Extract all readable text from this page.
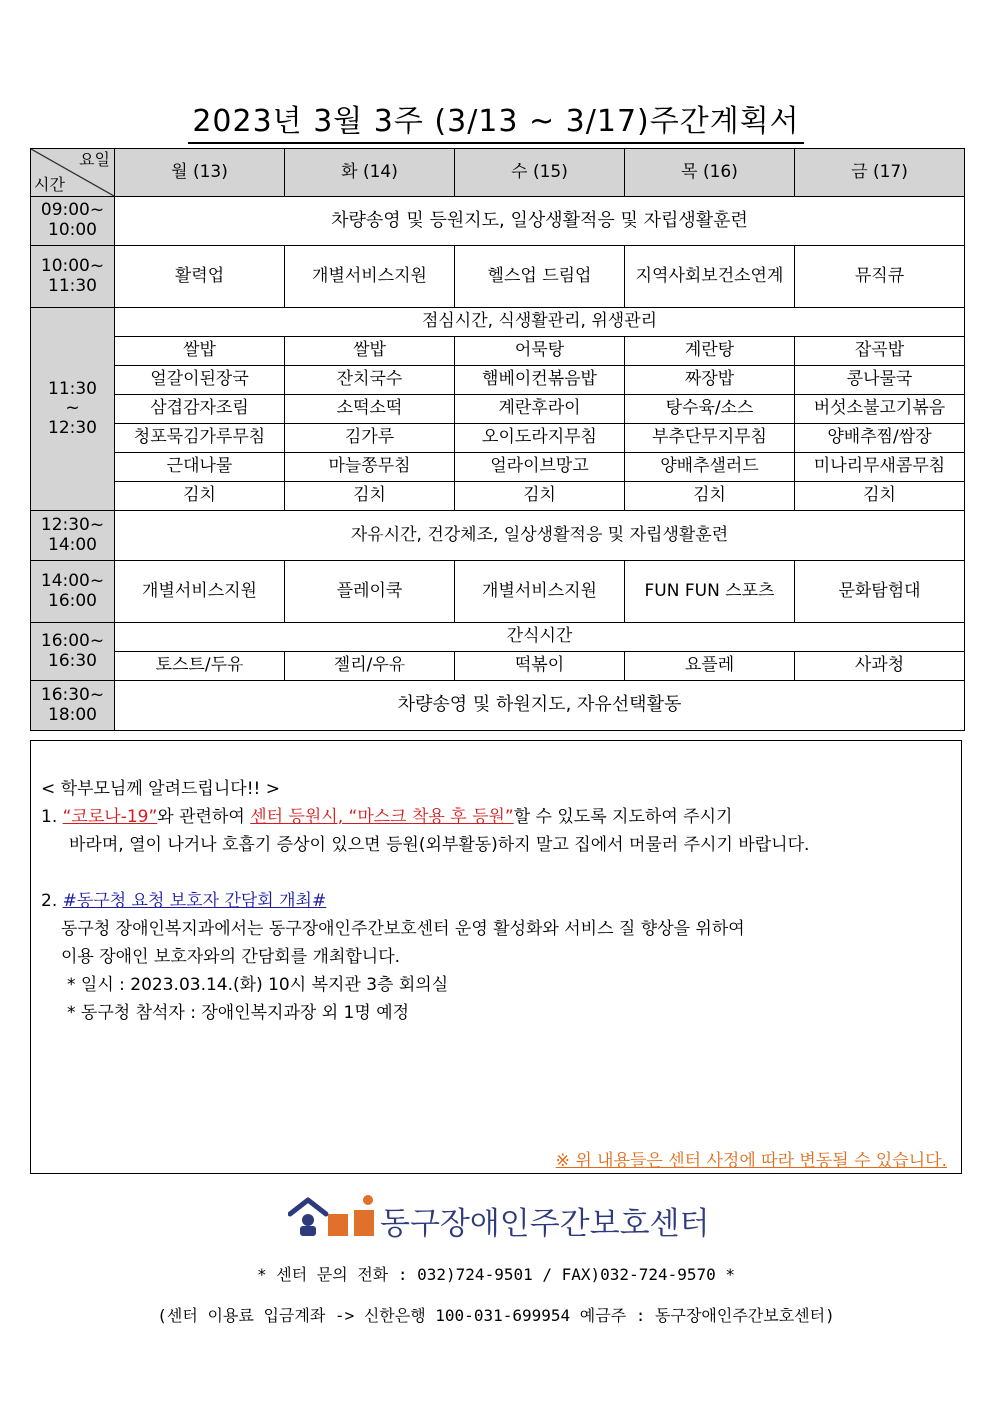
2023년 3월 3주 (3/13 ~ 3/17)주간계획서
요일
시간	월 (13)	화 (14)	수 (15)	목 (16)	금 (17)
09:00~
10:00	차량송영 및 등원지도, 일상생활적응 및 자립생활훈련				
10:00~
11:30	활력업	개별서비스지원	헬스업 드림업	지역사회보건소연계	뮤직큐
11:30
~
12:30	점심시간, 식생활관리, 위생관리				
	쌀밥	쌀밥	어묵탕	계란탕	잡곡밥
	얼갈이된장국	잔치국수	햄베이컨볶음밥	짜장밥	콩나물국
	삼겹감자조림	소떡소떡	계란후라이	탕수육/소스	버섯소불고기볶음
	청포묵김가루무침	김가루	오이도라지무침	부추단무지무침	양배추찜/쌈장
	근대나물	마늘쫑무침	얼라이브망고	양배추샐러드	미나리무새콤무침
	김치	김치	김치	김치	김치
12:30~
14:00	자유시간, 건강체조, 일상생활적응 및 자립생활훈련				
14:00~
16:00	개별서비스지원	플레이쿡	개별서비스지원	FUN FUN 스포츠	문화탐험대
16:00~
16:30	간식시간				
	토스트/두유	젤리/우유	떡볶이	요플레	사과청
16:30~
18:00	차량송영 및 하원지도, 자유선택활동				

< 학부모님께 알려드립니다!! >

1. “코로나-19”와 관련하여 센터 등원시, “마스크 착용 후 등원”할 수 있도록 지도하여 주시기

바라며, 열이 나거나 호흡기 증상이 있으면 등원(외부활동)하지 말고 집에서 머물러 주시기 바랍니다.

2. #동구청 요청 보호자 간담회 개최#

동구청 장애인복지과에서는 동구장애인주간보호센터 운영 활성화와 서비스 질 향상을 위하여

이용 장애인 보호자와의 간담회를 개최합니다.

* 일시 : 2023.03.14.(화) 10시 복지관 3층 회의실

* 동구청 참석자 : 장애인복지과장 외 1명 예정

※ 위 내용들은 센터 사정에 따라 변동될 수 있습니다.

동구장애인주간보호센터
* 센터 문의 전화 : 032)724-9501 / FAX)032-724-9570 *
(센터 이용료 입금계좌 -> 신한은행 100-031-699954 예금주 : 동구장애인주간보호센터)
